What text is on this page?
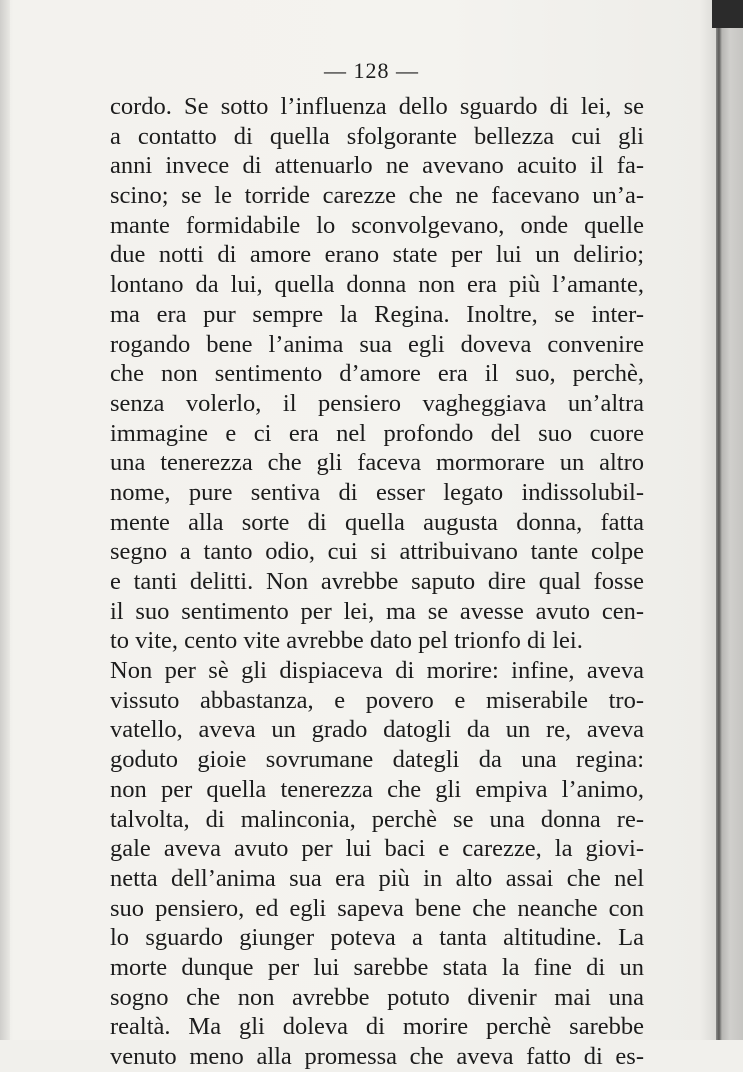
— 128 —
cordo. Se sotto l’influenza dello sguardo di lei, se
a contatto di quella sfolgorante bellezza cui gli
anni invece di attenuarlo ne avevano acuito il fa-
scino; se le torride carezze che ne facevano un’a-
mante formidabile lo sconvolgevano, onde quelle
due notti di amore erano state per lui un delirio;
lontano da lui, quella donna non era più l’amante,
ma era pur sempre la Regina. Inoltre, se inter-
rogando bene l’anima sua egli doveva convenire
che non sentimento d’amore era il suo, perchè,
senza volerlo, il pensiero vagheggiava un’altra
immagine e ci era nel profondo del suo cuore
una tenerezza che gli faceva mormorare un altro
nome, pure sentiva di esser legato indissolubil-
mente alla sorte di quella augusta donna, fatta
segno a tanto odio, cui si attribuivano tante colpe
e tanti delitti. Non avrebbe saputo dire qual fosse
il suo sentimento per lei, ma se avesse avuto cen-
to vite, cento vite avrebbe dato pel trionfo di lei.
Non per sè gli dispiaceva di morire: infine, aveva
vissuto abbastanza, e povero e miserabile tro-
vatello, aveva un grado datogli da un re, aveva
goduto gioie sovrumane dategli da una regina:
non per quella tenerezza che gli empiva l’animo,
talvolta, di malinconia, perchè se una donna re-
gale aveva avuto per lui baci e carezze, la giovi-
netta dell’anima sua era più in alto assai che nel
suo pensiero, ed egli sapeva bene che neanche con
lo sguardo giunger poteva a tanta altitudine. La
morte dunque per lui sarebbe stata la fine di un
sogno che non avrebbe potuto divenir mai una
realtà. Ma gli doleva di morire perchè sarebbe
venuto meno alla promessa che aveva fatto di es-
